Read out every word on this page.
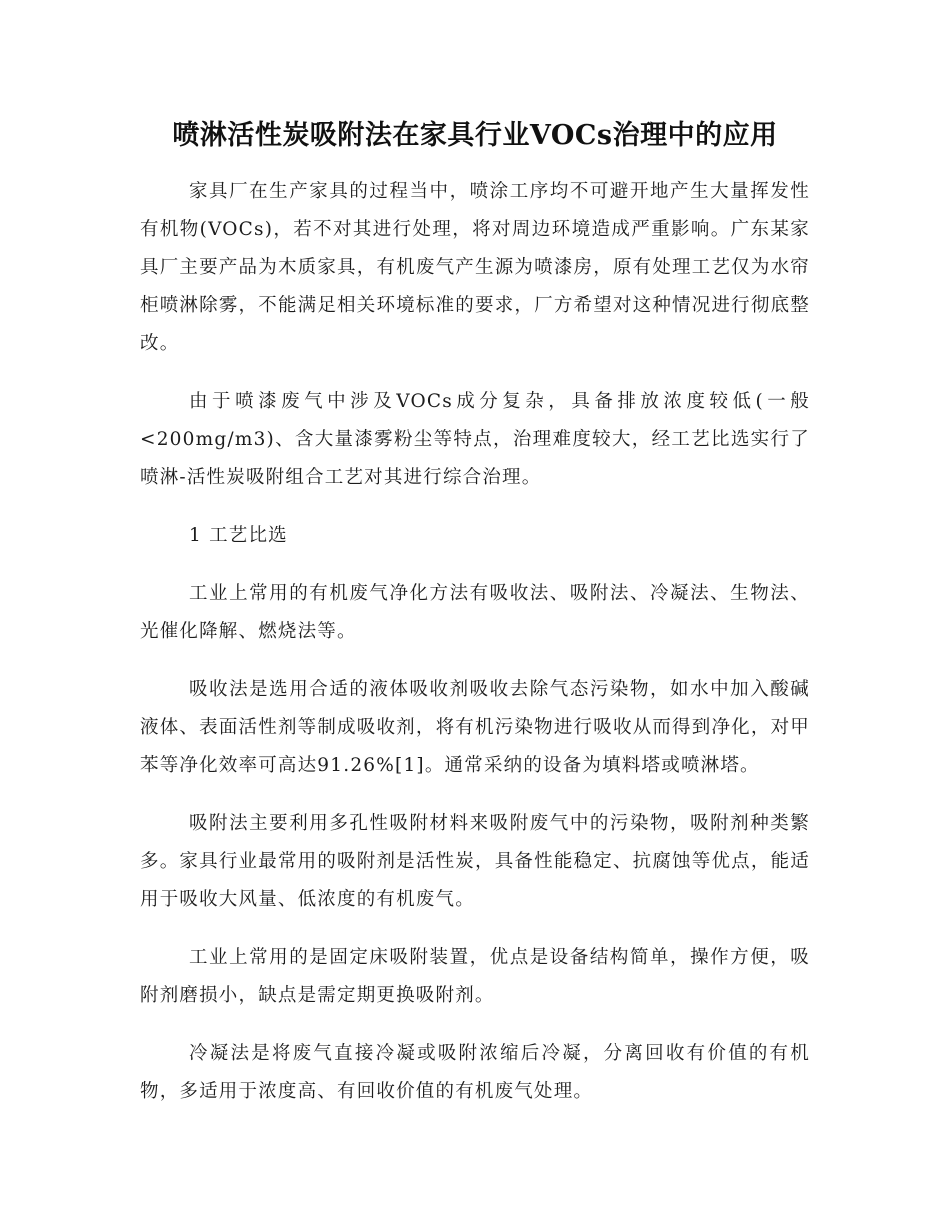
喷淋活性炭吸附法在家具行业VOCs治理中的应用

家具厂在生产家具的过程当中，喷涂工序均不可避开地产生大量挥发性有机物(VOCs)，若不对其进行处理，将对周边环境造成严重影响。广东某家具厂主要产品为木质家具，有机废气产生源为喷漆房，原有处理工艺仅为水帘柜喷淋除雾，不能满足相关环境标准的要求，厂方希望对这种情况进行彻底整改。

由于喷漆废气中涉及VOCs成分复杂，具备排放浓度较低(一般<200mg/m3)、含大量漆雾粉尘等特点，治理难度较大，经工艺比选实行了喷淋-活性炭吸附组合工艺对其进行综合治理。

1 工艺比选

工业上常用的有机废气净化方法有吸收法、吸附法、冷凝法、生物法、光催化降解、燃烧法等。

吸收法是选用合适的液体吸收剂吸收去除气态污染物，如水中加入酸碱液体、表面活性剂等制成吸收剂，将有机污染物进行吸收从而得到净化，对甲苯等净化效率可高达91.26%[1]。通常采纳的设备为填料塔或喷淋塔。

吸附法主要利用多孔性吸附材料来吸附废气中的污染物，吸附剂种类繁多。家具行业最常用的吸附剂是活性炭，具备性能稳定、抗腐蚀等优点，能适用于吸收大风量、低浓度的有机废气。

工业上常用的是固定床吸附装置，优点是设备结构简单，操作方便，吸附剂磨损小，缺点是需定期更换吸附剂。

冷凝法是将废气直接冷凝或吸附浓缩后冷凝，分离回收有价值的有机物，多适用于浓度高、有回收价值的有机废气处理。
